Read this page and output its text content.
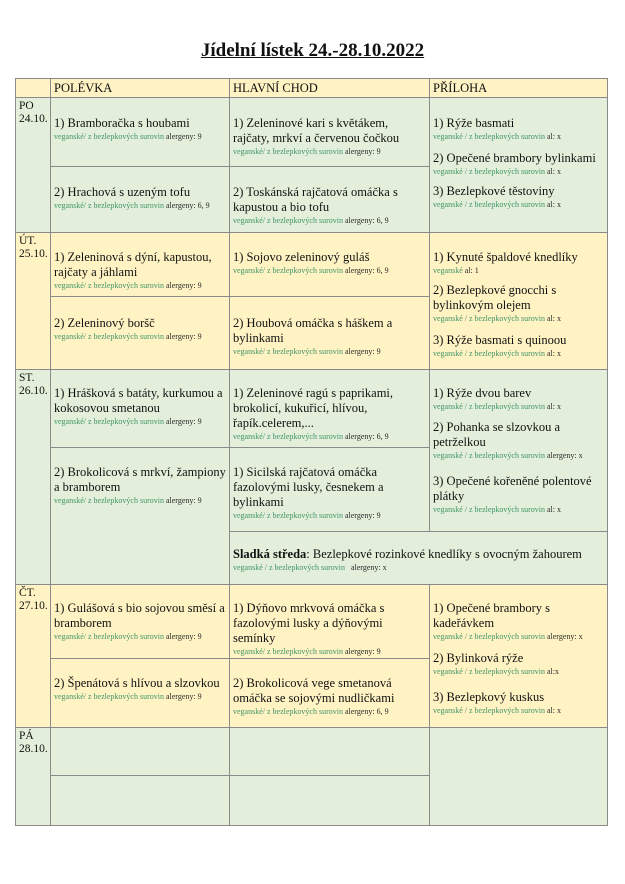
Jídelní lístek 24.-28.10.2022
POLÉVKA	HLAVNÍ CHOD	PŘÍLOHA
PO
24.10. 1) Bramboračka s houbami
veganské/ z bezlepkových surovin alergeny: 9
2) Hrachová s uzeným tofu
veganské/ z bezlepkových surovin alergeny: 6, 9
1) Zeleninové kari s květákem, rajčaty, mrkví a červenou čočkou
veganské/ z bezlepkových surovin alergeny: 9
2) Toskánská rajčatová omáčka s kapustou a bio tofu
veganské/ z bezlepkových surovin alergeny: 6, 9
1) Rýže basmati
veganské / z bezlepkových surovin al: x
2) Opečené brambory bylinkami
veganské / z bezlepkových surovin al: x
3) Bezlepkové těstoviny
veganské / z bezlepkových surovin al: x
ÚT.
25.10. 1) Zeleninová s dýní, kapustou, rajčaty a jáhlami
veganské/ z bezlepkových surovin alergeny: 9
2) Zeleninový boršč
veganské/ z bezlepkových surovin alergeny: 9
1) Sojovo zeleninový guláš
veganské/ z bezlepkových surovin alergeny: 6, 9
2) Houbová omáčka s háškem a bylinkami
veganské/ z bezlepkových surovin alergeny: 9
1) Kynuté špaldové knedlíky
veganské al: 1
2) Bezlepkové gnocchi s bylinkovým olejem
veganské / z bezlepkových surovin al: x
3) Rýže basmati s quinoou
veganské / z bezlepkových surovin al: x
ST.
26.10. 1) Hrášková s batáty, kurkumou a kokosovou smetanou
veganské/ z bezlepkových surovin alergeny: 9
2) Brokolicová s mrkví, žampiony a bramborem
veganské/ z bezlepkových surovin alergeny: 9
1) Zeleninové ragú s paprikami, brokolicí, kukuřicí, hlívou, řapík.celerem,...
veganské/ z bezlepkových surovin alergeny: 6, 9
1) Sicilská rajčatová omáčka fazolovými lusky, česnekem a bylinkami
veganské/ z bezlepkových surovin alergeny: 9
1) Rýže dvou barev
veganské / z bezlepkových surovin al: x
2) Pohanka se slzovkou a petrželkou
veganské / z bezlepkových surovin alergeny: x
3) Opečené kořeněné polentové plátky
veganské / z bezlepkových surovin al: x
Sladká středa: Bezlepkové rozinkové knedlíky s ovocným žahourem
veganské / z bezlepkových surovin alergeny: x
ČT.
27.10. 1) Gulášová s bio sojovou směsí a bramborem
veganské/ z bezlepkových surovin alergeny: 9
2) Špenátová s hlívou a slzovkou
veganské/ z bezlepkových surovin alergeny: 9
1) Dýňovo mrkvová omáčka s fazolovými lusky a dýňovými semínky
veganské/ z bezlepkových surovin alergeny: 9
2) Brokolicová vege smetanová omáčka se sojovými nudličkami
veganské/ z bezlepkových surovin alergeny: 6, 9
1) Opečené brambory s kadeřávkem
veganské / z bezlepkových surovin alergeny: x
2) Bylinková rýže
veganské / z bezlepkových surovin al:x
3) Bezlepkový kuskus
veganské / z bezlepkových surovin al: x
PÁ
28.10.
